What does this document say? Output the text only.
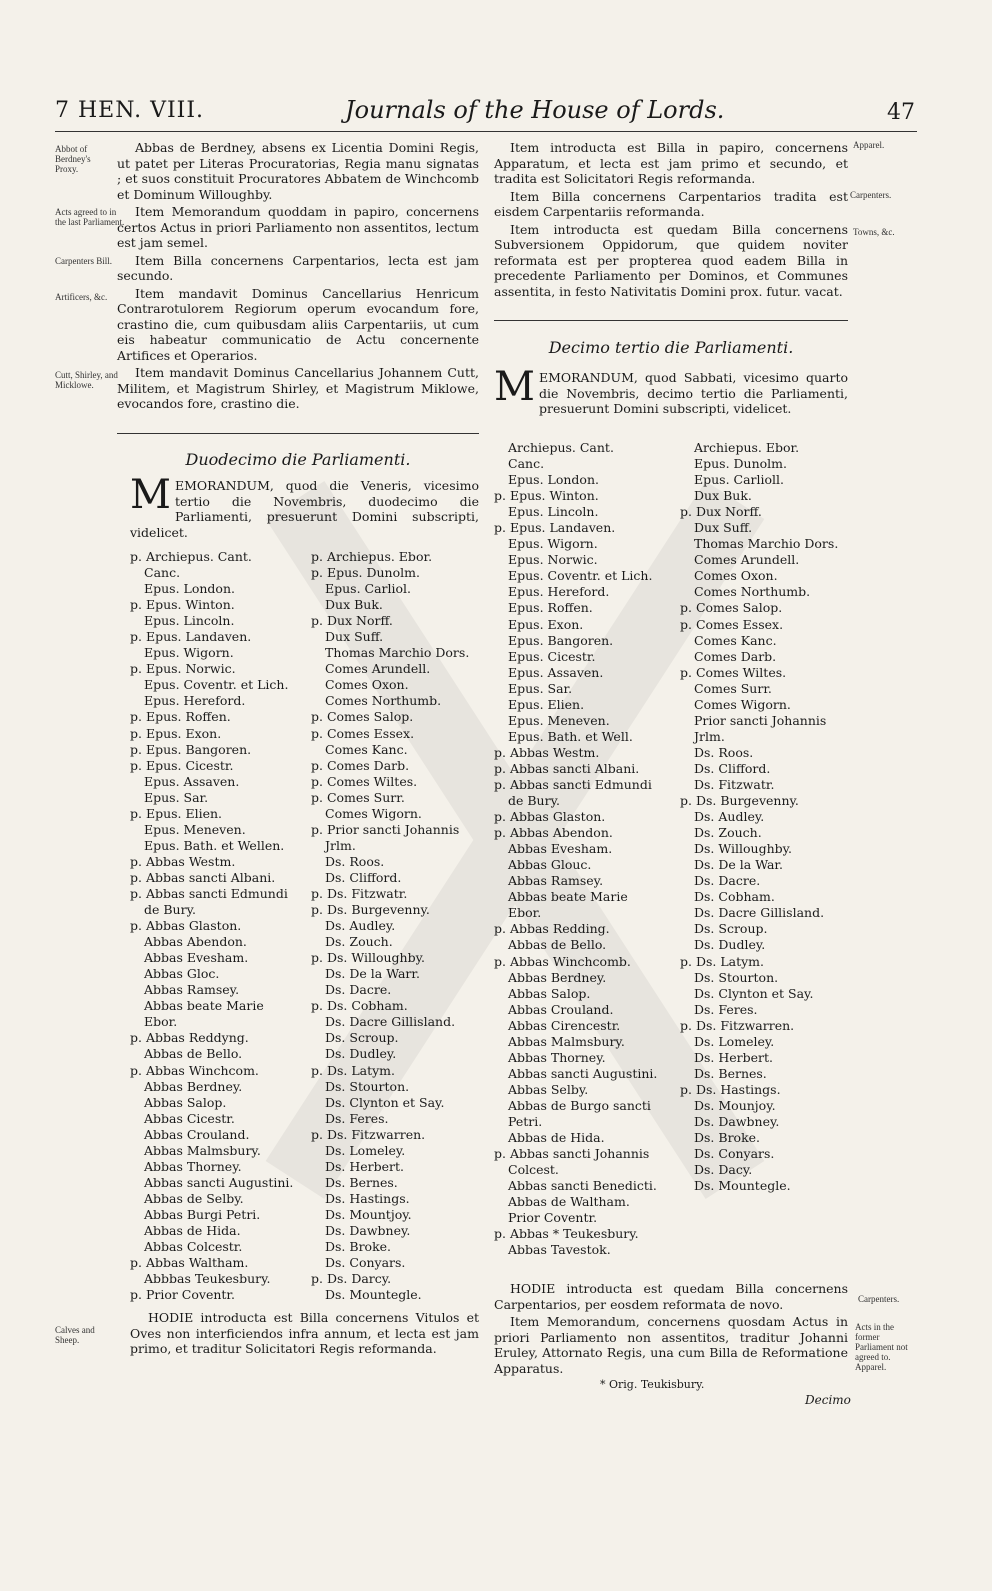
7 HEN. VIII.	Journals of the House of Lords.	47
Abbot of Berdney's Proxy.
Acts agreed to in the last Parliament.
Carpenters Bill.
Artificers, &c.
Cutt, Shirley, and Micklowe.

Abbas de Berdney, absens ex Licentia Domini Regis, ut patet per Literas Procuratorias, Regia manu signatas ; et suos constituit Procuratores Abbatem de Winchcomb et Dominum Willoughby.

Item Memorandum quoddam in papiro, concernens certos Actus in priori Parliamento non assentitos, lectum est jam semel.

Item Billa concernens Carpentarios, lecta est jam secundo.

Item mandavit Dominus Cancellarius Henricum Contrarotulorem Regiorum operum evocandum fore, crastino die, cum quibusdam aliis Carpentariis, ut cum eis habeatur communicatio de Actu concernente Artifices et Operarios.

Item mandavit Dominus Cancellarius Johannem Cutt, Militem, et Magistrum Shirley, et Magistrum Miklowe, evocandos fore, crastino die.

Item introducta est Billa in papiro, concernens Apparatum, et lecta est jam primo et secundo, et tradita est Solicitatori Regis reformanda.

Item Billa concernens Carpentarios tradita est eisdem Carpentariis reformanda.

Item introducta est quedam Billa concernens Subversionem Oppidorum, que quidem noviter reformata est per propterea quod eadem Billa in precedente Parliamento per Dominos, et Communes assentita, in festo Nativitatis Domini prox. futur. vacat.

Apparel.
Carpenters.
Towns, &c.
Duodecimo die Parliamenti.
M EMORANDUM, quod die Veneris, vicesimo tertio die Novembris, duodecimo die Parliamenti, presuerunt Domini subscripti, videlicet.
p. Archiepus. Cant.
Canc.
Epus. London.
p. Epus. Winton.
Epus. Lincoln.
p. Epus. Landaven.
Epus. Wigorn.
p. Epus. Norwic.
Epus. Coventr. et Lich.
Epus. Hereford.
p. Epus. Roffen.
p. Epus. Exon.
p. Epus. Bangoren.
p. Epus. Cicestr.
Epus. Assaven.
Epus. Sar.
p. Epus. Elien.
Epus. Meneven.
Epus. Bath. et Wellen.
p. Abbas Westm.
p. Abbas sancti Albani.
p. Abbas sancti Edmundi
de Bury.
p. Abbas Glaston.
Abbas Abendon.
Abbas Evesham.
Abbas Gloc.
Abbas Ramsey.
Abbas beate Marie
Ebor.
p. Abbas Reddyng.
Abbas de Bello.
p. Abbas Winchcom.
Abbas Berdney.
Abbas Salop.
Abbas Cicestr.
Abbas Crouland.
Abbas Malmsbury.
Abbas Thorney.
Abbas sancti Augustini.
Abbas de Selby.
Abbas Burgi Petri.
Abbas de Hida.
Abbas Colcestr.
p. Abbas Waltham.
Abbbas Teukesbury.
p. Prior Coventr.
p. Archiepus. Ebor.
p. Epus. Dunolm.
Epus. Carliol.
Dux Buk.
p. Dux Norff.
Dux Suff.
Thomas Marchio Dors.
Comes Arundell.
Comes Oxon.
Comes Northumb.
p. Comes Salop.
p. Comes Essex.
Comes Kanc.
p. Comes Darb.
p. Comes Wiltes.
p. Comes Surr.
Comes Wigorn.
p. Prior sancti Johannis
Jrlm.
Ds. Roos.
Ds. Clifford.
p. Ds. Fitzwatr.
p. Ds. Burgevenny.
Ds. Audley.
Ds. Zouch.
p. Ds. Willoughby.
Ds. De la Warr.
Ds. Dacre.
p. Ds. Cobham.
Ds. Dacre Gillisland.
Ds. Scroup.
Ds. Dudley.
p. Ds. Latym.
Ds. Stourton.
Ds. Clynton et Say.
Ds. Feres.
p. Ds. Fitzwarren.
Ds. Lomeley.
Ds. Herbert.
Ds. Bernes.
Ds. Hastings.
Ds. Mountjoy.
Ds. Dawbney.
Ds. Broke.
Ds. Conyars.
p. Ds. Darcy.
Ds. Mountegle.

HODIE introducta est Billa concernens Vitulos et Oves non interficiendos infra annum, et lecta est jam primo, et traditur Solicitatori Regis reformanda.

Calves and Sheep.
Decimo tertio die Parliamenti.
M EMORANDUM, quod Sabbati, vicesimo quarto die Novembris, decimo tertio die Parliamenti, presuerunt Domini subscripti, videlicet.
Archiepus. Cant.
Canc.
Epus. London.
p. Epus. Winton.
Epus. Lincoln.
p. Epus. Landaven.
Epus. Wigorn.
Epus. Norwic.
Epus. Coventr. et Lich.
Epus. Hereford.
Epus. Roffen.
Epus. Exon.
Epus. Bangoren.
Epus. Cicestr.
Epus. Assaven.
Epus. Sar.
Epus. Elien.
Epus. Meneven.
Epus. Bath. et Well.
p. Abbas Westm.
p. Abbas sancti Albani.
p. Abbas sancti Edmundi
de Bury.
p. Abbas Glaston.
p. Abbas Abendon.
Abbas Evesham.
Abbas Glouc.
Abbas Ramsey.
Abbas beate Marie
Ebor.
p. Abbas Redding.
Abbas de Bello.
p. Abbas Winchcomb.
Abbas Berdney.
Abbas Salop.
Abbas Crouland.
Abbas Cirencestr.
Abbas Malmsbury.
Abbas Thorney.
Abbas sancti Augustini.
Abbas Selby.
Abbas de Burgo sancti
Petri.
Abbas de Hida.
p. Abbas sancti Johannis
Colcest.
Abbas sancti Benedicti.
Abbas de Waltham.
Prior Coventr.
p. Abbas * Teukesbury.
Abbas Tavestok.
Archiepus. Ebor.
Epus. Dunolm.
Epus. Carlioll.
Dux Buk.
p. Dux Norff.
Dux Suff.
Thomas Marchio Dors.
Comes Arundell.
Comes Oxon.
Comes Northumb.
p. Comes Salop.
p. Comes Essex.
Comes Kanc.
Comes Darb.
p. Comes Wiltes.
Comes Surr.
Comes Wigorn.
Prior sancti Johannis
Jrlm.
Ds. Roos.
Ds. Clifford.
Ds. Fitzwatr.
p. Ds. Burgevenny.
Ds. Audley.
Ds. Zouch.
Ds. Willoughby.
Ds. De la War.
Ds. Dacre.
Ds. Cobham.
Ds. Dacre Gillisland.
Ds. Scroup.
Ds. Dudley.
p. Ds. Latym.
Ds. Stourton.
Ds. Clynton et Say.
Ds. Feres.
p. Ds. Fitzwarren.
Ds. Lomeley.
Ds. Herbert.
Ds. Bernes.
p. Ds. Hastings.
Ds. Mounjoy.
Ds. Dawbney.
Ds. Broke.
Ds. Conyars.
Ds. Dacy.
Ds. Mountegle.

HODIE introducta est quedam Billa concernens Carpentarios, per eosdem reformata de novo.

Item Memorandum, concernens quosdam Actus in priori Parliamento non assentitos, traditur Johanni Eruley, Attornato Regis, una cum Billa de Reformatione Apparatus.

Carpenters.
Acts in the former Parliament not agreed to. Apparel.
* Orig. Teukisbury.
Decimo
